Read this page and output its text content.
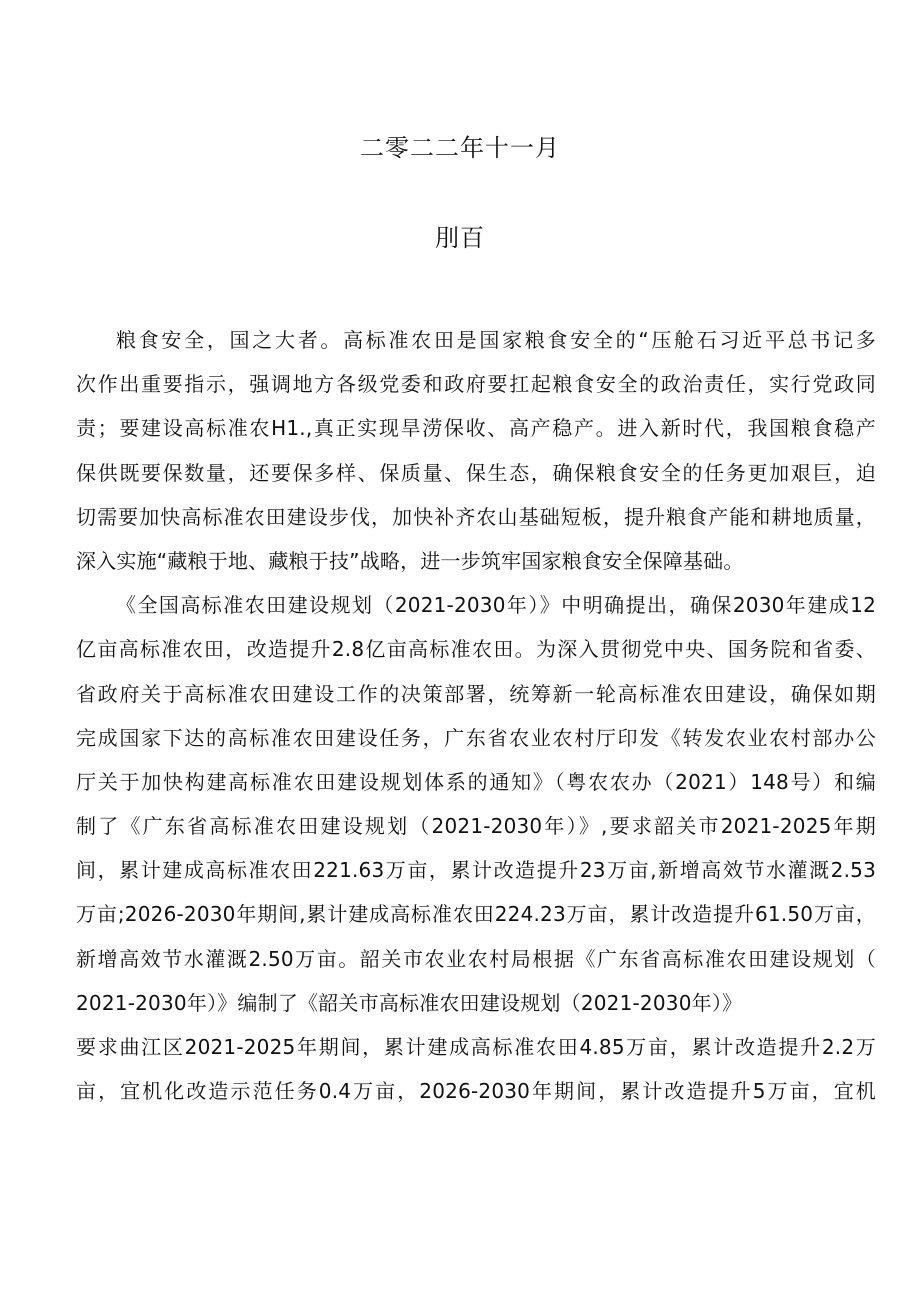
二零二二年十一月
刖百
粮食安全，国之大者。高标准农田是国家粮食安全的“压舱石习近平总书记多
次作出重要指示，强调地方各级党委和政府要扛起粮食安全的政治责任，实行党政同
责；要建设高标准农H1.,真正实现旱涝保收、高产稳产。进入新时代，我国粮食稳产
保供既要保数量，还要保多样、保质量、保生态，确保粮食安全的任务更加艰巨，迫
切需要加快高标准农田建设步伐，加快补齐农山基础短板，提升粮食产能和耕地质量，
深入实施“藏粮于地、藏粮于技”战略，进一步筑牢国家粮食安全保障基础。
《全国高标准农田建设规划（2021-2030年）》中明确提出，确保2030年建成12
亿亩高标准农田，改造提升2.8亿亩高标准农田。为深入贯彻党中央、国务院和省委、
省政府关于高标准农田建设工作的决策部署，统筹新一轮高标准农田建设，确保如期
完成国家下达的高标准农田建设任务，广东省农业农村厅印发《转发农业农村部办公
厅关于加快构建高标准农田建设规划体系的通知》（粤农农办（2021）148号）和编
制了《广东省高标准农田建设规划（2021-2030年）》,要求韶关市2021-2025年期
间，累计建成高标准农田221.63万亩，累计改造提升23万亩,新增高效节水灌溉2.53
万亩;2026-2030年期间,累计建成高标准农田224.23万亩，累计改造提升61.50万亩，
新增高效节水灌溉2.50万亩。韶关市农业农村局根据《广东省高标准农田建设规划（
2021-2030年）》编制了《韶关市高标准农田建设规划（2021-2030年）》
要求曲江区2021-2025年期间，累计建成高标准农田4.85万亩，累计改造提升2.2万
亩，宜机化改造示范任务0.4万亩，2026-2030年期间，累计改造提升5万亩，宜机
